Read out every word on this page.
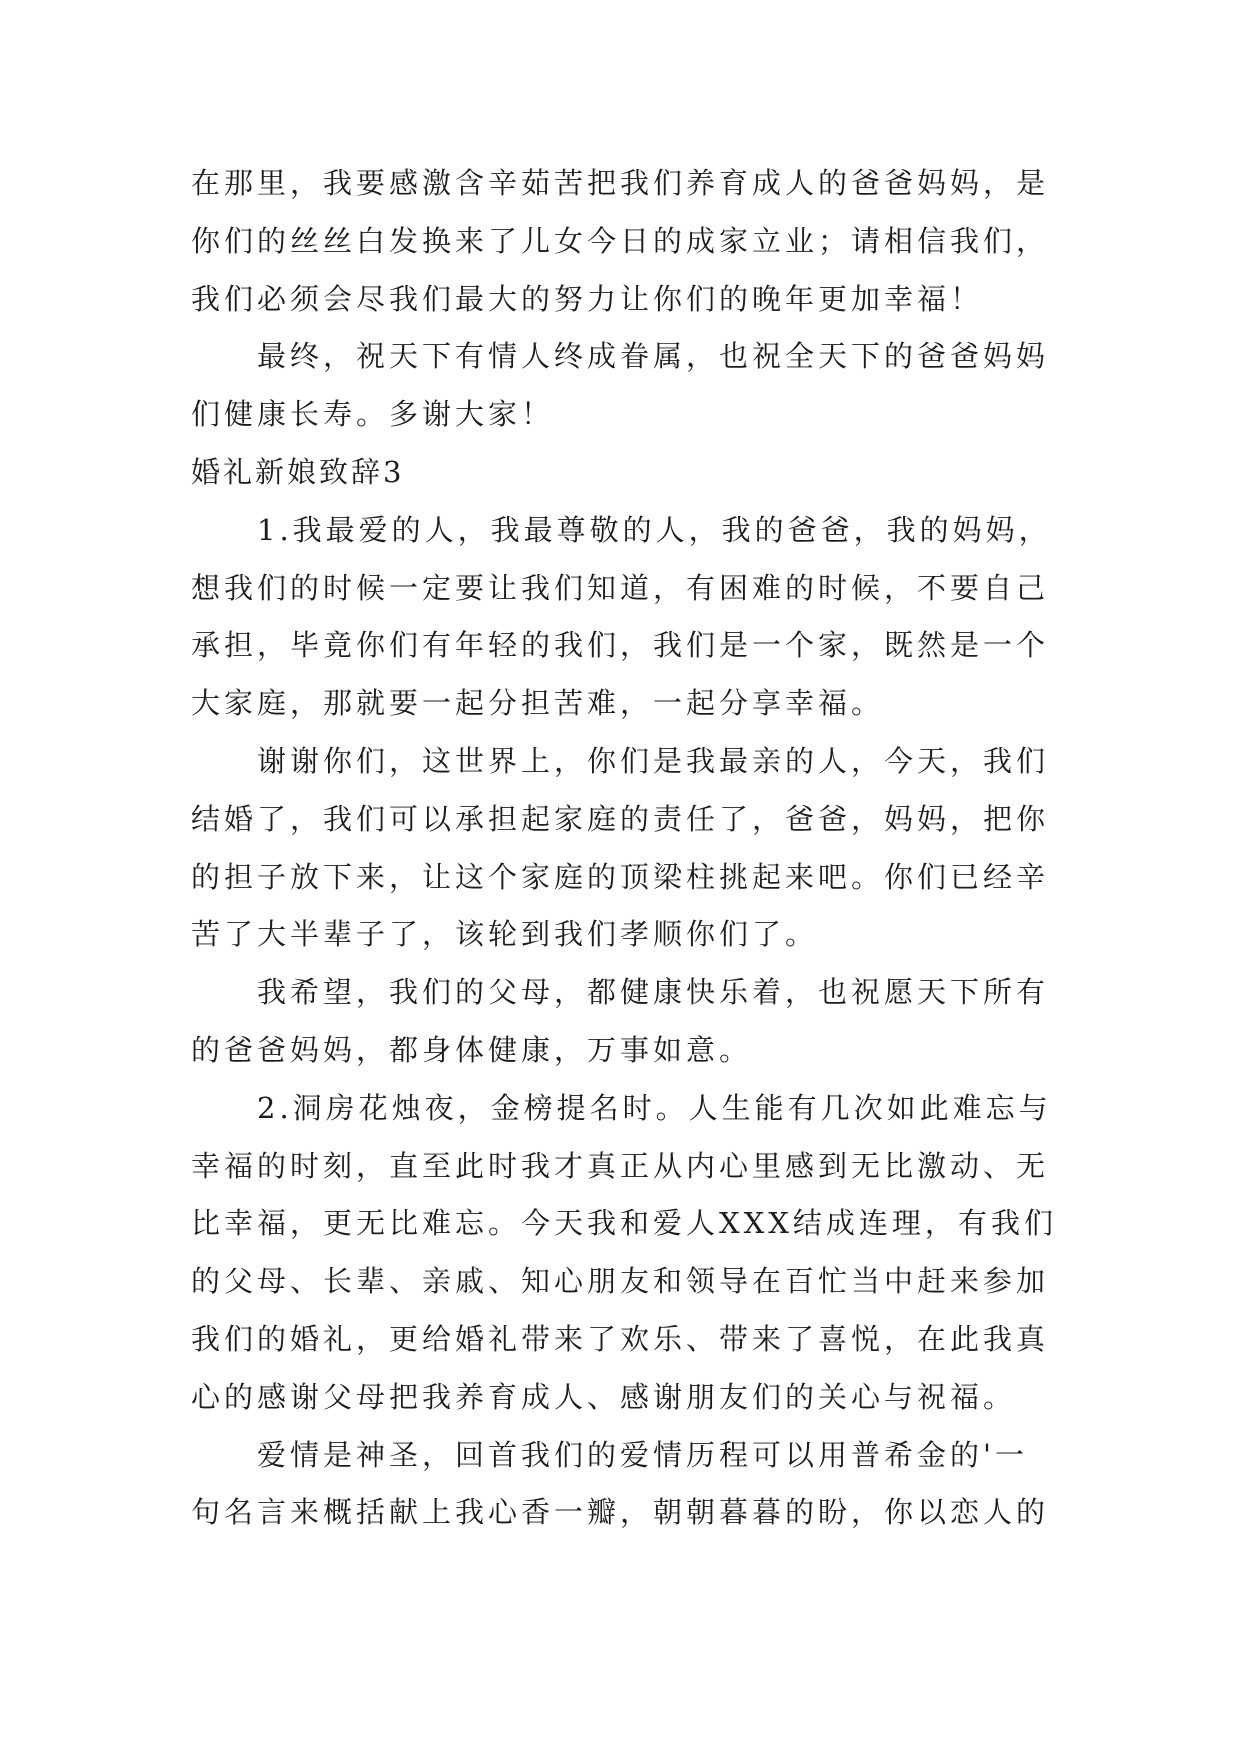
在那里，我要感激含辛茹苦把我们养育成人的爸爸妈妈，是
你们的丝丝白发换来了儿女今日的成家立业；请相信我们，
我们必须会尽我们最大的努力让你们的晚年更加幸福！
最终，祝天下有情人终成眷属，也祝全天下的爸爸妈妈
们健康长寿。多谢大家！
婚礼新娘致辞3
1.我最爱的人，我最尊敬的人，我的爸爸，我的妈妈，
想我们的时候一定要让我们知道，有困难的时候，不要自己
承担，毕竟你们有年轻的我们，我们是一个家，既然是一个
大家庭，那就要一起分担苦难，一起分享幸福。
谢谢你们，这世界上，你们是我最亲的人，今天，我们
结婚了，我们可以承担起家庭的责任了，爸爸，妈妈，把你
的担子放下来，让这个家庭的顶梁柱挑起来吧。你们已经辛
苦了大半辈子了，该轮到我们孝顺你们了。
我希望，我们的父母，都健康快乐着，也祝愿天下所有
的爸爸妈妈，都身体健康，万事如意。
2.洞房花烛夜，金榜提名时。人生能有几次如此难忘与
幸福的时刻，直至此时我才真正从内心里感到无比激动、无
比幸福，更无比难忘。今天我和爱人XXX结成连理，有我们
的父母、长辈、亲戚、知心朋友和领导在百忙当中赶来参加
我们的婚礼，更给婚礼带来了欢乐、带来了喜悦，在此我真
心的感谢父母把我养育成人、感谢朋友们的关心与祝福。
爱情是神圣，回首我们的爱情历程可以用普希金的'一
句名言来概括献上我心香一瓣，朝朝暮暮的盼，你以恋人的
